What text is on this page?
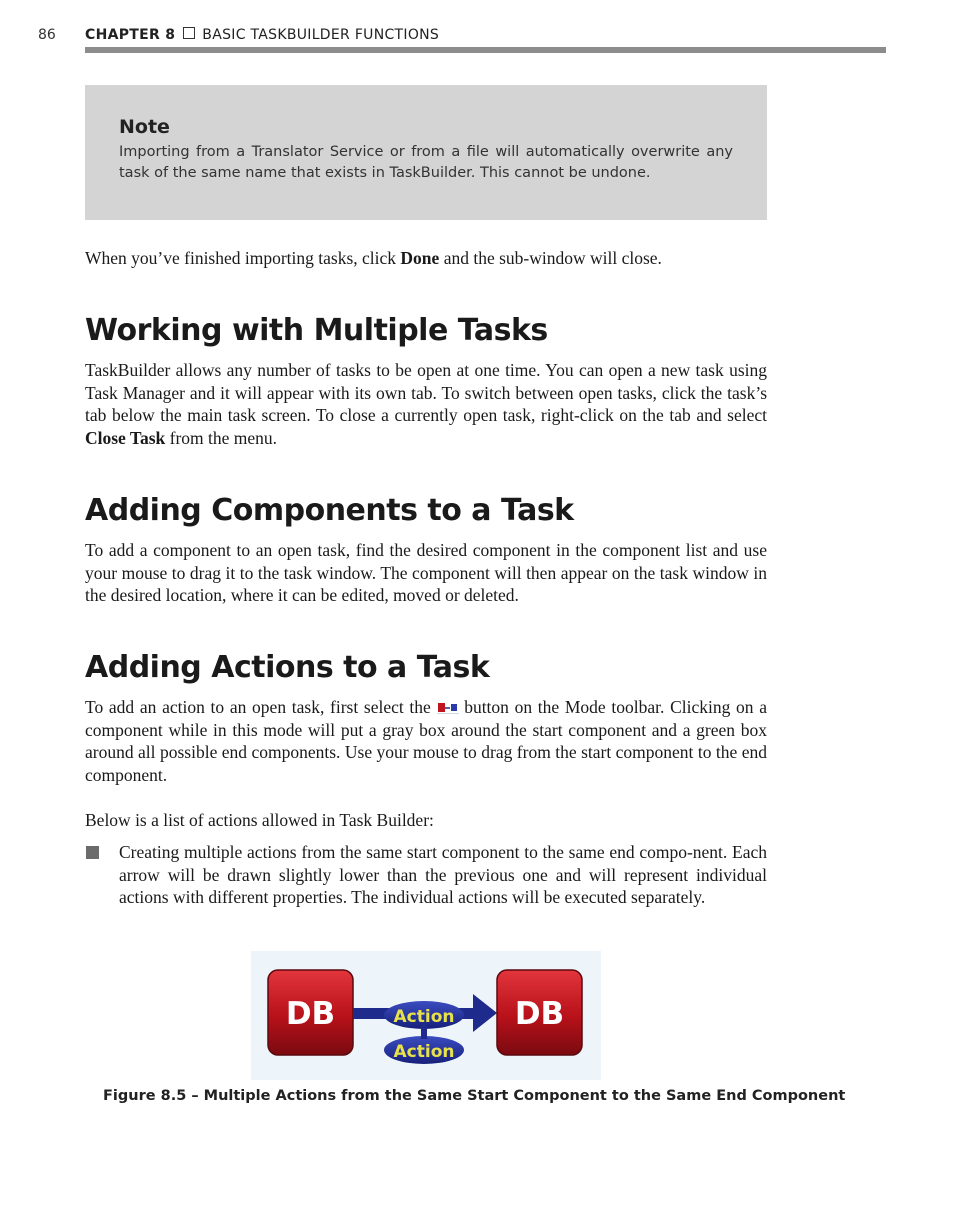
86 CHAPTER 8 BASIC TASKBUILDER FUNCTIONS
Note
Importing from a Translator Service or from a file will automatically overwrite any task of the same name that exists in TaskBuilder. This cannot be undone.
When you’ve finished importing tasks, click Done and the sub-window will close.
Working with Multiple Tasks
TaskBuilder allows any number of tasks to be open at one time. You can open a new task using Task Manager and it will appear with its own tab. To switch between open tasks, click the task’s tab below the main task screen. To close a currently open task, right-click on the tab and select Close Task from the menu.
Adding Components to a Task
To add a component to an open task, find the desired component in the component list and use your mouse to drag it to the task window. The component will then appear on the task window in the desired location, where it can be edited, moved or deleted.
Adding Actions to a Task
To add an action to an open task, first select the  button on the Mode toolbar. Clicking on a component while in this mode will put a gray box around the start component and a green box around all possible end components. Use your mouse to drag from the start component to the end component.
Below is a list of actions allowed in Task Builder:
Creating multiple actions from the same start component to the same end compo-nent. Each arrow will be drawn slightly lower than the previous one and will represent individual actions with different properties. The individual actions will be executed separately.
DB	Action
Action
DB
Figure 8.5 – Multiple Actions from the Same Start Component to the Same End Component
